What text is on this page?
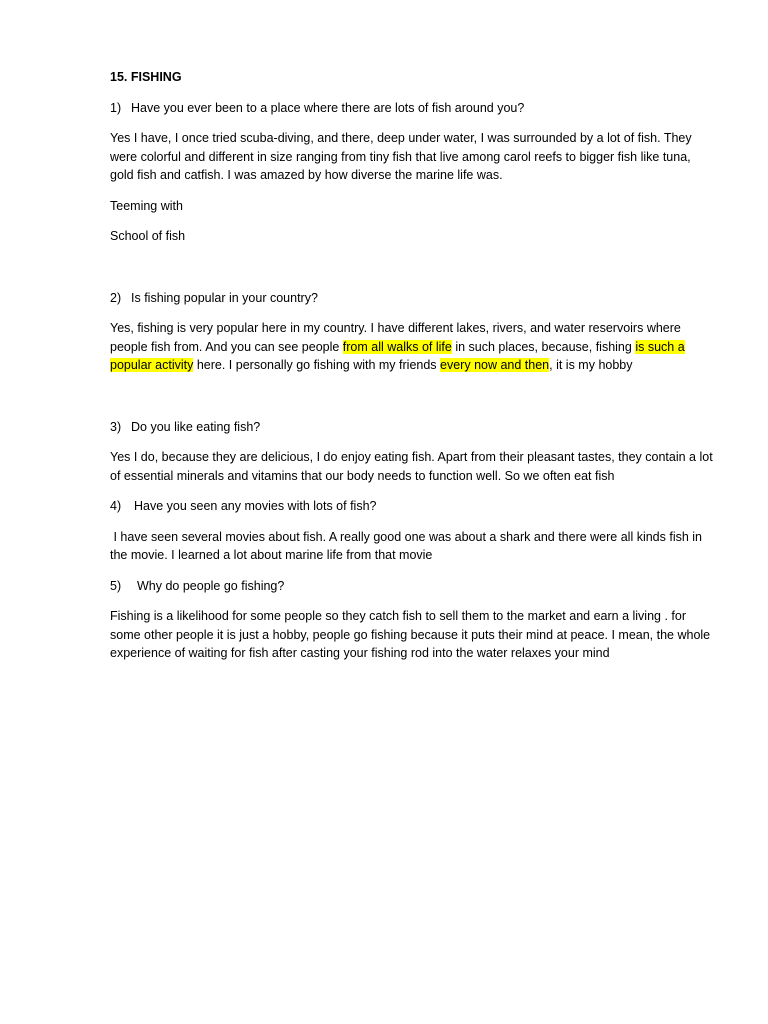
15. FISHING
1) Have you ever been to a place where there are lots of fish around you?
Yes I have, I once tried scuba-diving, and there, deep under water, I was surrounded by a lot of fish. They were colorful and different in size ranging from tiny fish that live among carol reefs to bigger fish like tuna, gold fish and catfish. I was amazed by how diverse the marine life was.
Teeming with
School of fish
2) Is fishing popular in your country?
Yes, fishing is very popular here in my country. I have different lakes, rivers, and water reservoirs where people fish from. And you can see people from all walks of life in such places, because, fishing is such a popular activity here. I personally go fishing with my friends every now and then, it is my hobby
3) Do you like eating fish?
Yes I do, because they are delicious, I do enjoy eating fish. Apart from their pleasant tastes, they contain a lot of essential minerals and vitamins that our body needs to function well. So we often eat fish
4)	Have you seen any movies with lots of fish?
I have seen several movies about fish. A really good one was about a shark and there were all kinds fish in the movie. I learned a lot about marine life from that movie
5)	Why do people go fishing?
Fishing is a likelihood for some people so they catch fish to sell them to the market and earn a living . for some other people it is just a hobby, people go fishing because it puts their mind at peace. I mean, the whole experience of waiting for fish after casting your fishing rod into the water relaxes your mind
